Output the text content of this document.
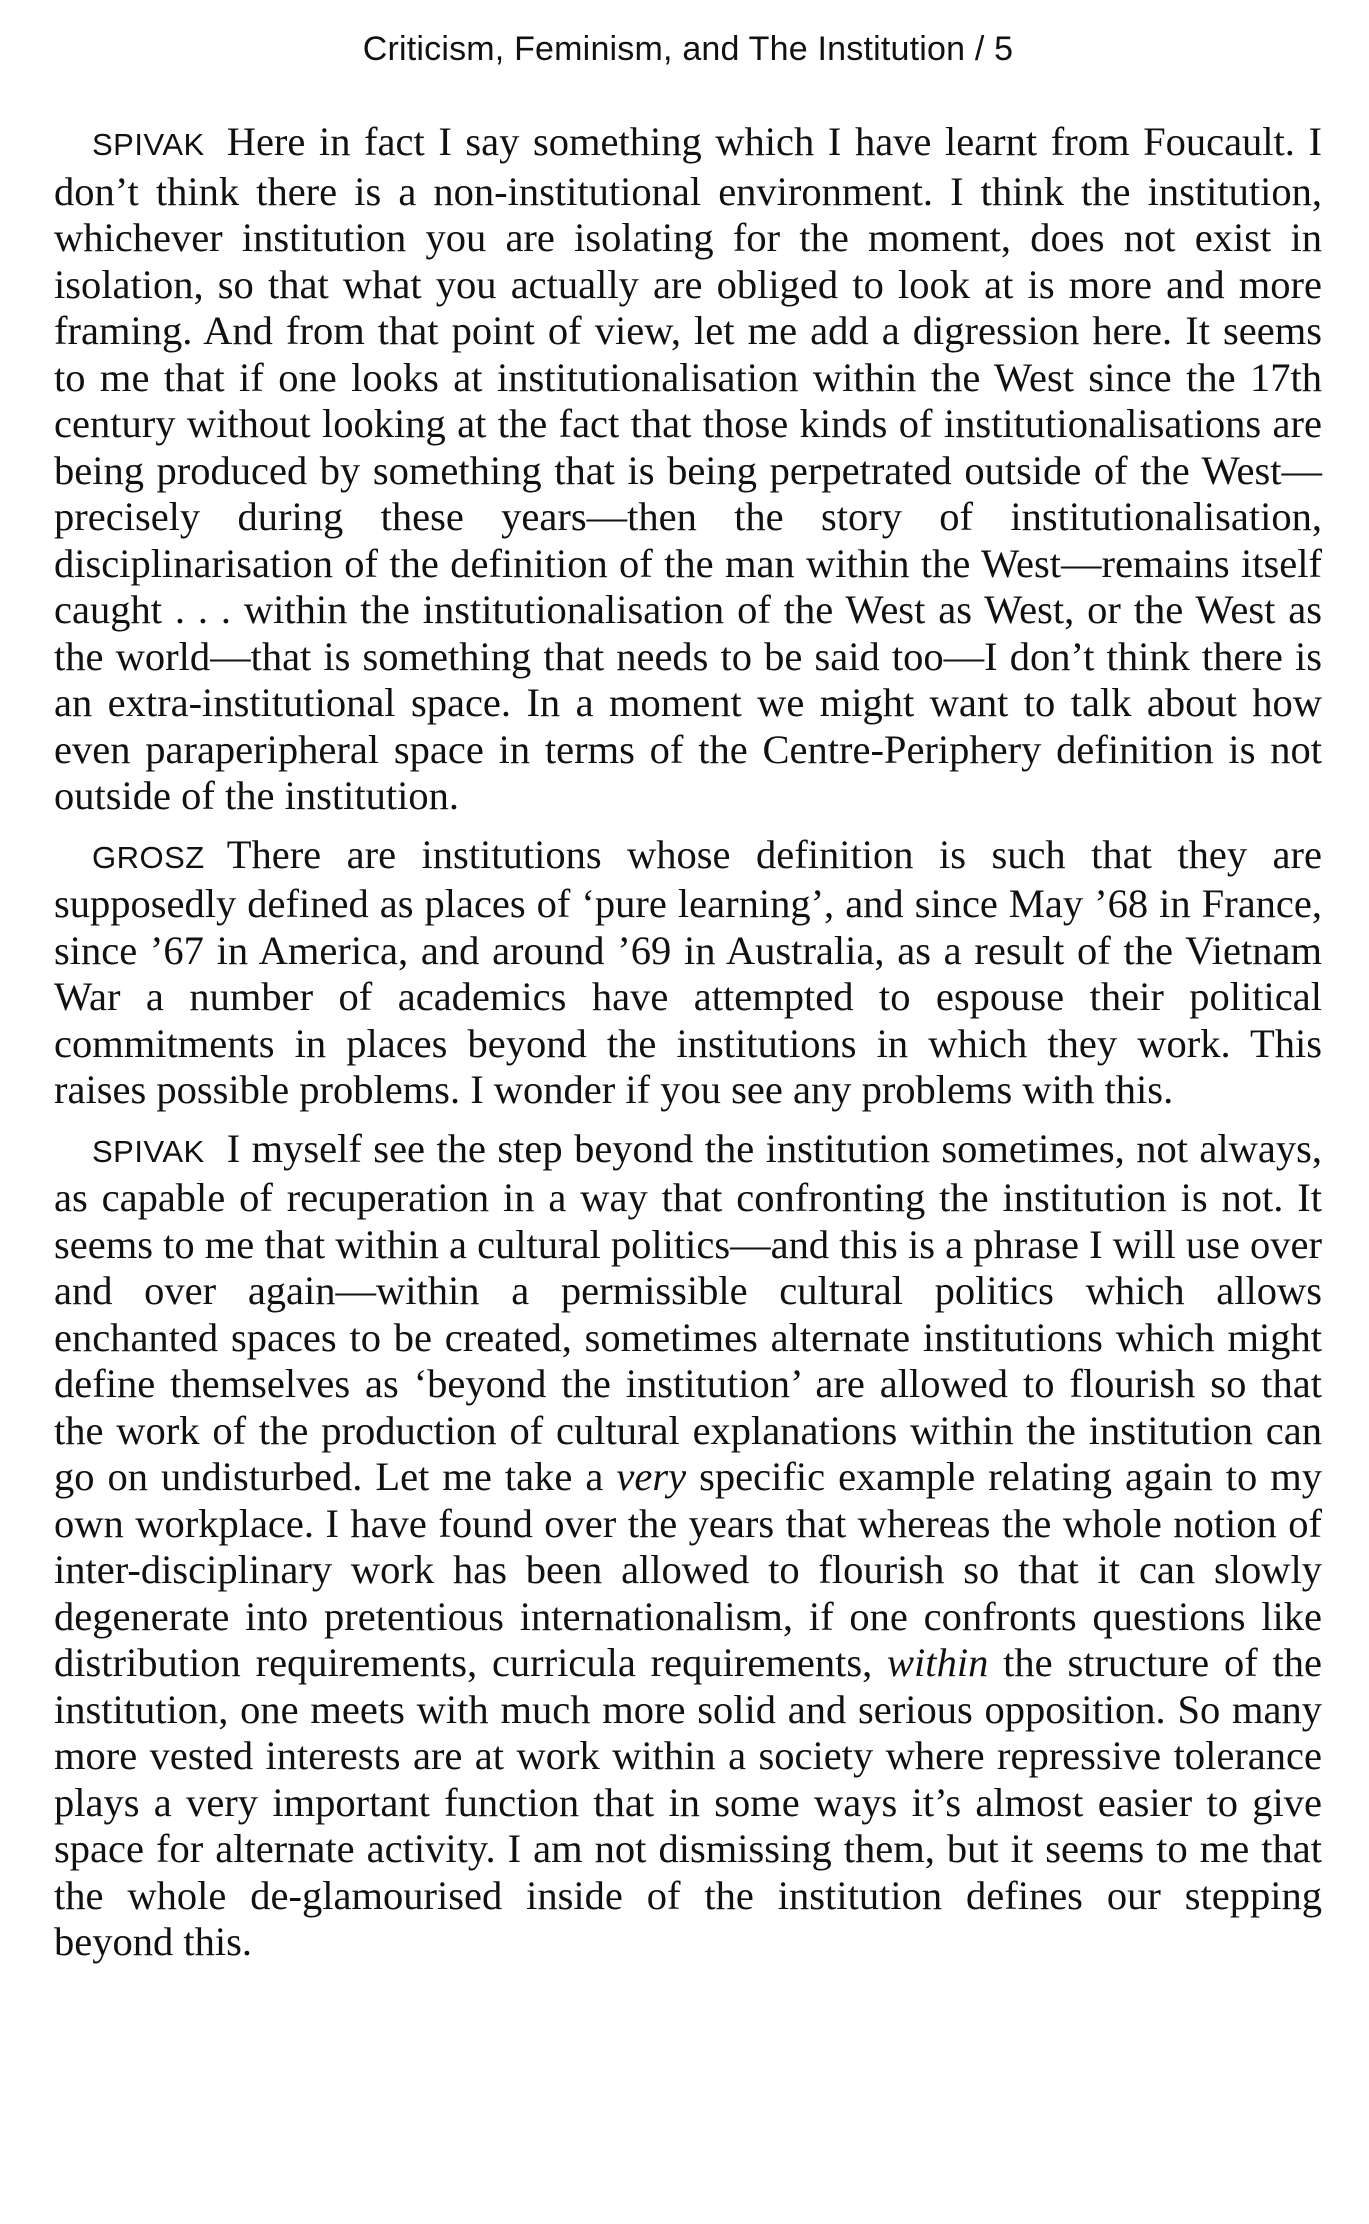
Criticism, Feminism, and The Institution / 5

SPIVAK Here in fact I say something which I have learnt from Foucault. I don’t think there is a non-institutional environment. I think the institution, whichever institution you are isolating for the moment, does not exist in isolation, so that what you actually are obliged to look at is more and more framing. And from that point of view, let me add a digression here. It seems to me that if one looks at institutionalisation within the West since the 17th century without looking at the fact that those kinds of institutionalisations are being produced by something that is being perpetrated outside of the West—precisely during these years—then the story of institutionalisation, disciplinarisation of the definition of the man within the West—remains itself caught . . . within the institutionalisation of the West as West, or the West as the world—that is something that needs to be said too—I don’t think there is an extra-institutional space. In a moment we might want to talk about how even paraperipheral space in terms of the Centre-Periphery definition is not outside of the institution.

GROSZ There are institutions whose definition is such that they are supposedly defined as places of ‘pure learning’, and since May ’68 in France, since ’67 in America, and around ’69 in Australia, as a result of the Vietnam War a number of academics have attempted to espouse their political commitments in places beyond the institutions in which they work. This raises possible problems. I wonder if you see any problems with this.

SPIVAK I myself see the step beyond the institution sometimes, not always, as capable of recuperation in a way that confronting the institution is not. It seems to me that within a cultural politics—and this is a phrase I will use over and over again—within a permissible cultural politics which allows enchanted spaces to be created, sometimes alternate institutions which might define themselves as ‘beyond the institution’ are allowed to flourish so that the work of the production of cultural explanations within the institution can go on undisturbed. Let me take a very specific example relating again to my own workplace. I have found over the years that whereas the whole notion of inter-disciplinary work has been allowed to flourish so that it can slowly degenerate into pretentious internationalism, if one confronts questions like distribution requirements, curricula requirements, within the structure of the institution, one meets with much more solid and serious opposition. So many more vested interests are at work within a society where repressive tolerance plays a very important function that in some ways it’s almost easier to give space for alternate activity. I am not dismissing them, but it seems to me that the whole de-glamourised inside of the institution defines our stepping beyond this.
